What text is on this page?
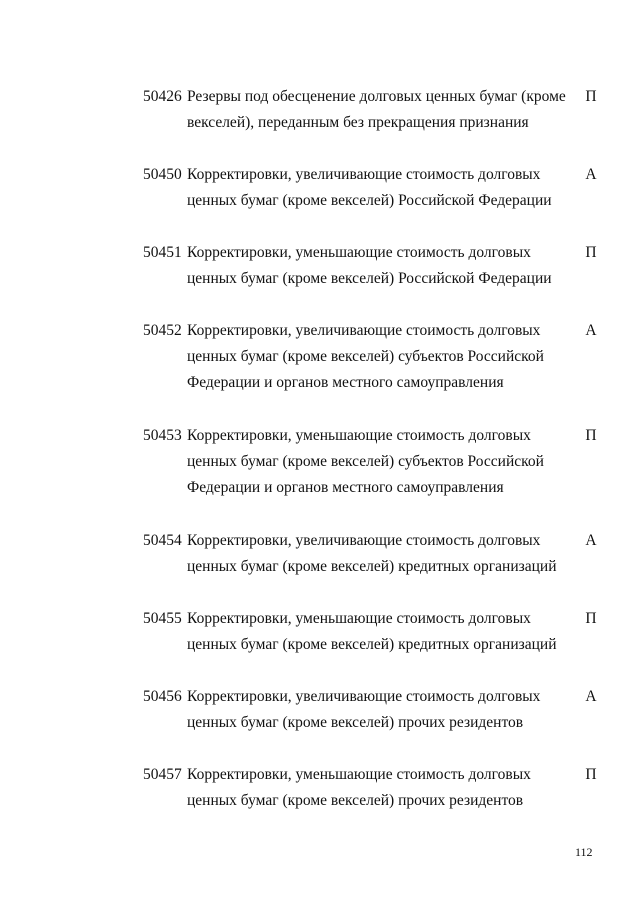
50426 Резервы под обесценение долговых ценных бумаг (кроме
векселей), переданным без прекращения признания
П
50450 Корректировки, увеличивающие стоимость долговых
ценных бумаг (кроме векселей) Российской Федерации
А
50451 Корректировки, уменьшающие стоимость долговых
ценных бумаг (кроме векселей) Российской Федерации
П
50452 Корректировки, увеличивающие стоимость долговых
ценных бумаг (кроме векселей) субъектов Российской
Федерации и органов местного самоуправления
А
50453 Корректировки, уменьшающие стоимость долговых
ценных бумаг (кроме векселей) субъектов Российской
Федерации и органов местного самоуправления
П
50454 Корректировки, увеличивающие стоимость долговых
ценных бумаг (кроме векселей) кредитных организаций
А
50455 Корректировки, уменьшающие стоимость долговых
ценных бумаг (кроме векселей) кредитных организаций
П
50456 Корректировки, увеличивающие стоимость долговых
ценных бумаг (кроме векселей) прочих резидентов
А
50457 Корректировки, уменьшающие стоимость долговых
ценных бумаг (кроме векселей) прочих резидентов
П
112
